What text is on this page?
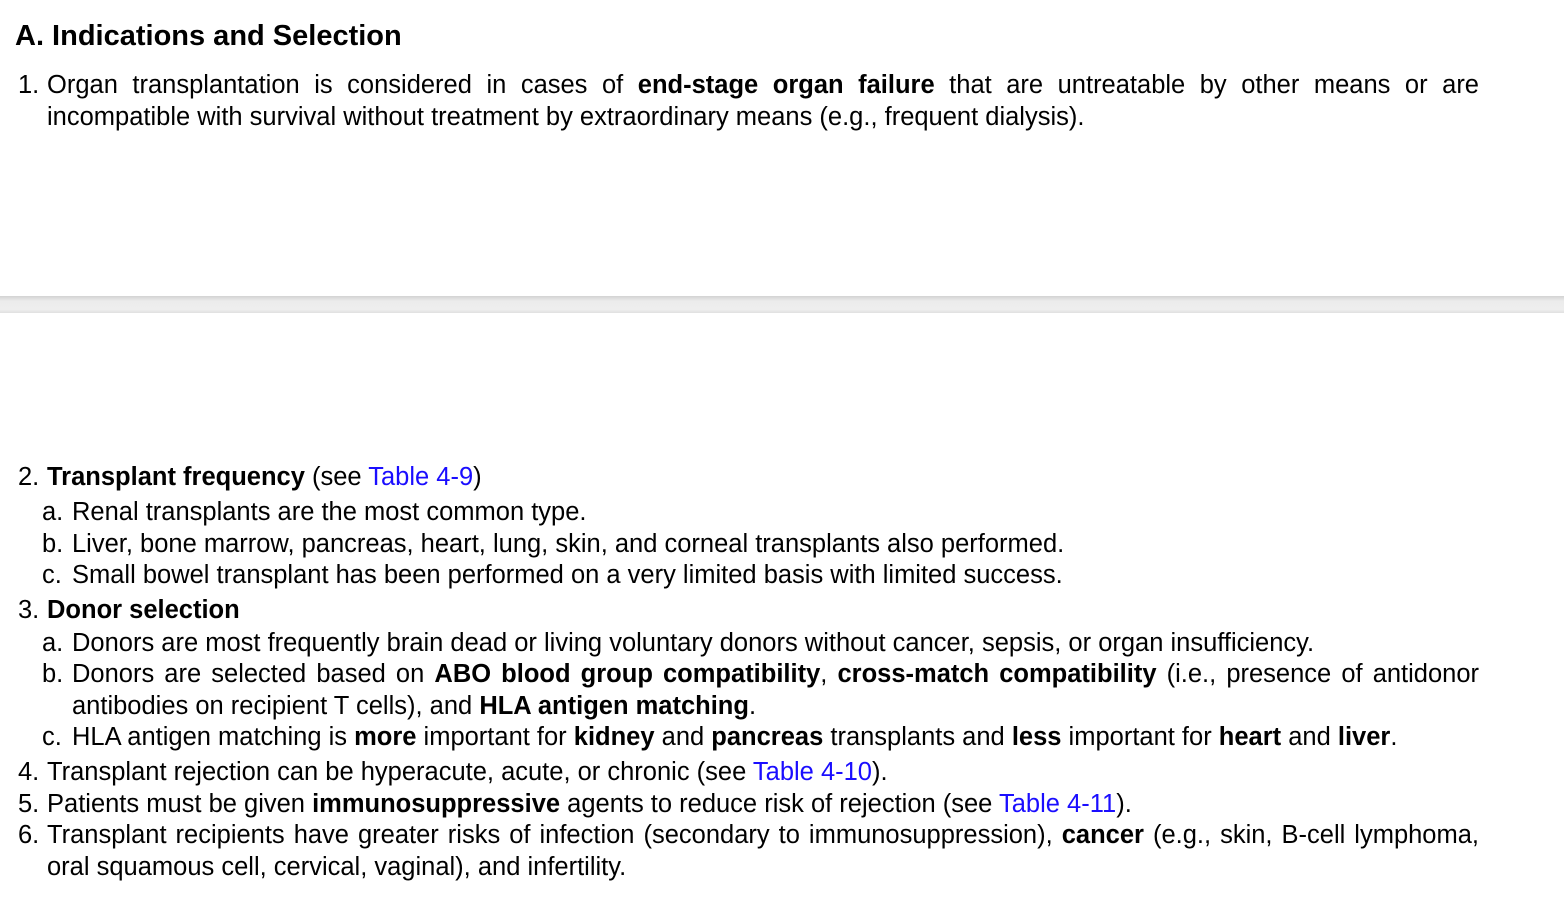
A. Indications and Selection
1. Organ transplantation is considered in cases of end-stage organ failure that are untreatable by other means or are incompatible with survival without treatment by extraordinary means (e.g., frequent dialysis).
2. Transplant frequency (see Table 4-9)
a. Renal transplants are the most common type.
b. Liver, bone marrow, pancreas, heart, lung, skin, and corneal transplants also performed.
c. Small bowel transplant has been performed on a very limited basis with limited success.
3. Donor selection
a. Donors are most frequently brain dead or living voluntary donors without cancer, sepsis, or organ insufficiency.
b. Donors are selected based on ABO blood group compatibility, cross-match compatibility (i.e., presence of antidonor antibodies on recipient T cells), and HLA antigen matching.
c. HLA antigen matching is more important for kidney and pancreas transplants and less important for heart and liver.
4. Transplant rejection can be hyperacute, acute, or chronic (see Table 4-10).
5. Patients must be given immunosuppressive agents to reduce risk of rejection (see Table 4-11).
6. Transplant recipients have greater risks of infection (secondary to immunosuppression), cancer (e.g., skin, B-cell lymphoma, oral squamous cell, cervical, vaginal), and infertility.
